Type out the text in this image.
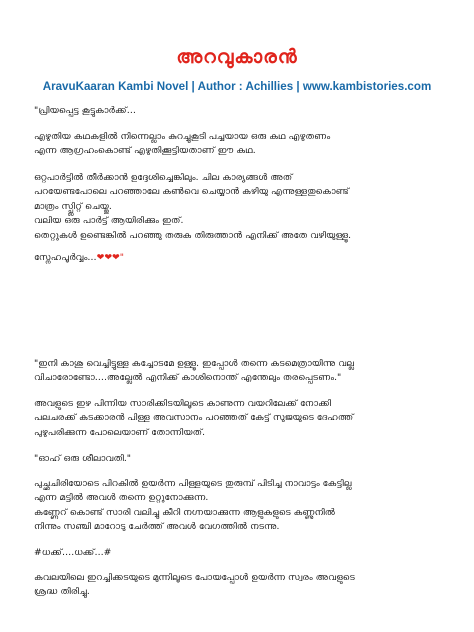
അറവുകാരൻ
AravuKaaran Kambi Novel | Author : Achillies | www.kambistories.com
"പ്രിയപ്പെട്ട കൂട്ടുകാർക്ക്…
എഴുതിയ കഥകളിൽ നിന്നെല്ലാം കുറച്ചുകൂടി പച്ചയായ ഒരു കഥ എഴുതണം
എന്ന ആഗ്രഹംകൊണ്ട് എഴുതിക്കൂട്ടിയതാണ് ഈ കഥ.
ഒറ്റപാർട്ടിൽ തീർക്കാൻ ഉദ്ദേശിച്ചെങ്കിലും. ചില കാര്യങ്ങൾ അത്
പറയേണ്ടപോലെ പറഞ്ഞാലേ കൺവെ ചെയ്യാൻ കഴിയു എന്നുള്ളതുകൊണ്ട്
മാത്രം സ്പ്ലിറ്റ് ചെയ്തു.
വലിയ ഒരു പാർട്ട് ആയിരിക്കും ഇത്.
തെറ്റുകൾ ഉണ്ടെങ്കിൽ പറഞ്ഞു തരുക തിരുത്താൻ എനിക്ക് അതേ വഴിയുള്ളൂ.
സ്നേഹപൂർവ്വം…❤❤❤"
"ഇനി കാശു വെച്ചിട്ടുള്ള കച്ചോടമേ ഉള്ളൂ. ഇപ്പോൾ തന്നെ കടമെത്രായിന്നു വല്ല
വിചാരോണ്ടോ….അല്ലേൽ എനിക്ക് കാശിനൊന്ത് എന്തേലും തരപ്പെടണം."
അവളുടെ ഇഴ പിന്നിയ സാരിക്കിടയിലൂടെ കാണുന്ന വയറിലേക്ക് നോക്കി
പലചരക്ക് കടക്കാരൻ പിള്ള അവസാനം പറഞ്ഞത് കേട്ട് സുജയുടെ ദേഹത്ത്
പുഴുപരിക്കുന്ന പോലെയാണ് തോന്നിയത്.
"ഓഹ് ഒരു ശീലാവതി."
പുച്ഛചിരിയോടെ പിറകിൽ ഉയർന്ന പിള്ളയുടെ തുരുമ്പ് പിടിച്ച നാവാട്ടം കേട്ടില്ല
എന്ന മട്ടിൽ അവൾ തന്നെ ഉറ്റുനോക്കുന്ന.
കണ്ണേറ് കൊണ്ട് സാരി വലിച്ചു കീറി നഗ്നയാക്കുന്ന ആളുകളുടെ കണ്ണുനിൽ
നിന്നും സഞ്ചി മാറോടു ചേർത്ത് അവൾ വേഗത്തിൽ നടന്നു.
#ധക്ക്….ധക്ക്…#
കവലയിലെ ഇറച്ചിക്കടയുടെ മുന്നിലൂടെ പോയപ്പോൾ ഉയർന്ന സ്വരം അവളുടെ
ശ്രദ്ധ തിരിച്ചു.
